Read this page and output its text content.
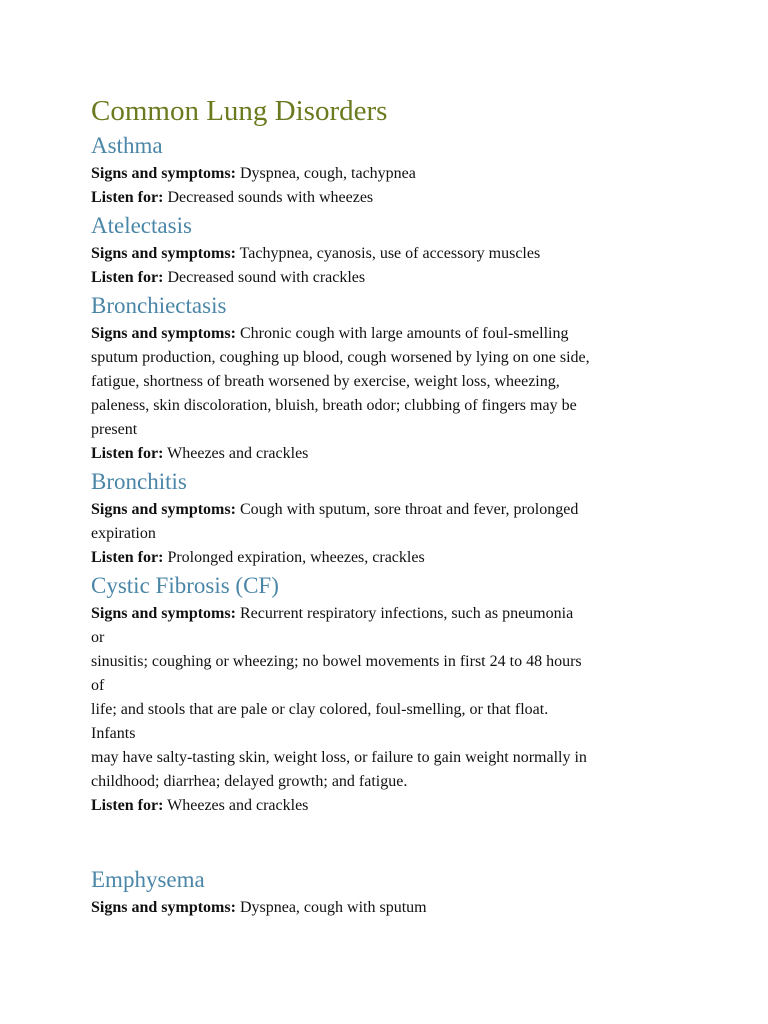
Common Lung Disorders
Asthma

Signs and symptoms: Dyspnea, cough, tachypnea

Listen for: Decreased sounds with wheezes

Atelectasis

Signs and symptoms: Tachypnea, cyanosis, use of accessory muscles

Listen for: Decreased sound with crackles

Bronchiectasis

Signs and symptoms: Chronic cough with large amounts of foul-smelling

sputum production, coughing up blood, cough worsened by lying on one side,

fatigue, shortness of breath worsened by exercise, weight loss, wheezing,

paleness, skin discoloration, bluish, breath odor; clubbing of fingers may be

present

Listen for: Wheezes and crackles

Bronchitis

Signs and symptoms: Cough with sputum, sore throat and fever, prolonged

expiration

Listen for: Prolonged expiration, wheezes, crackles

Cystic Fibrosis (CF)

Signs and symptoms: Recurrent respiratory infections, such as pneumonia

or

sinusitis; coughing or wheezing; no bowel movements in first 24 to 48 hours

of

life; and stools that are pale or clay colored, foul-smelling, or that float.

Infants

may have salty-tasting skin, weight loss, or failure to gain weight normally in

childhood; diarrhea; delayed growth; and fatigue.

Listen for: Wheezes and crackles

Emphysema

Signs and symptoms: Dyspnea, cough with sputum
